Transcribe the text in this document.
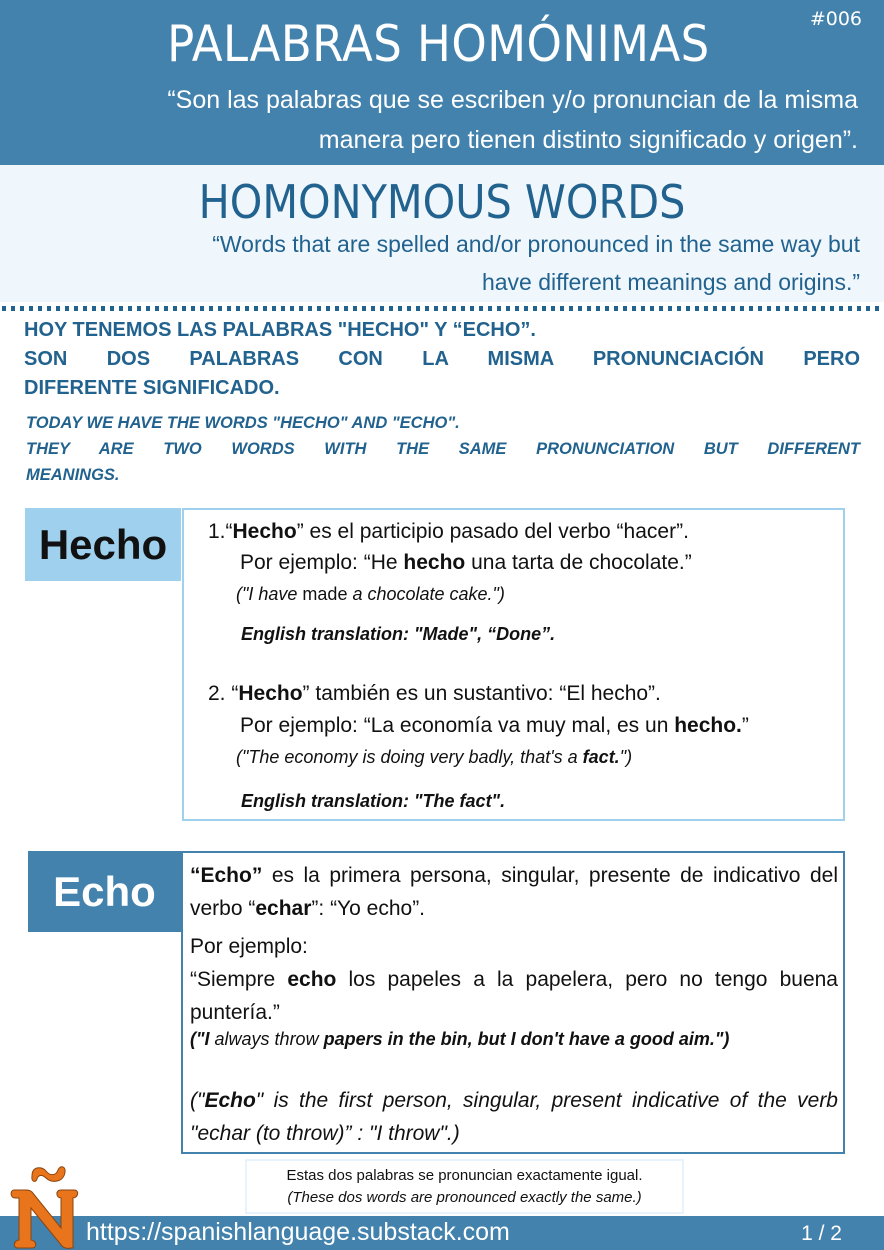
PALABRAS HOMÓNIMAS	#006
“Son las palabras que se escriben y/o pronuncian de la misma
manera pero tienen distinto significado y origen”.
HOMONYMOUS WORDS
“Words that are spelled and/or pronounced in the same way but
have different meanings and origins.”
HOY TENEMOS LAS PALABRAS "HECHO" Y “ECHO”.
SON DOS PALABRAS CON LA MISMA PRONUNCIACIÓN PERO
DIFERENTE SIGNIFICADO.
TODAY WE HAVE THE WORDS "HECHO" AND "ECHO".
THEY ARE TWO WORDS WITH THE SAME PRONUNCIATION BUT DIFFERENT
MEANINGS.
Hecho	1.“Hecho” es el participio pasado del verbo “hacer”.
Por ejemplo: “He hecho una tarta de chocolate.”
("I have made a chocolate cake.")
English translation: "Made", “Done”.
2. “Hecho” también es un sustantivo: “El hecho”.
Por ejemplo: “La economía va muy mal, es un hecho.”
("The economy is doing very badly, that's a fact.")
English translation: "The fact".
Echo	“Echo” es la primera persona, singular, presente de indicativo del verbo “echar”: “Yo echo”.
Por ejemplo:
“Siempre echo los papeles a la papelera, pero no tengo buena puntería.”
("I always throw papers in the bin, but I don't have a good aim.")
("Echo" is the first person, singular, present indicative of the verb "echar (to throw)” : "I throw".)
Estas dos palabras se pronuncian exactamente igual.
(These dos words are pronounced exactly the same.)
https://spanishlanguage.substack.com	1 / 2
